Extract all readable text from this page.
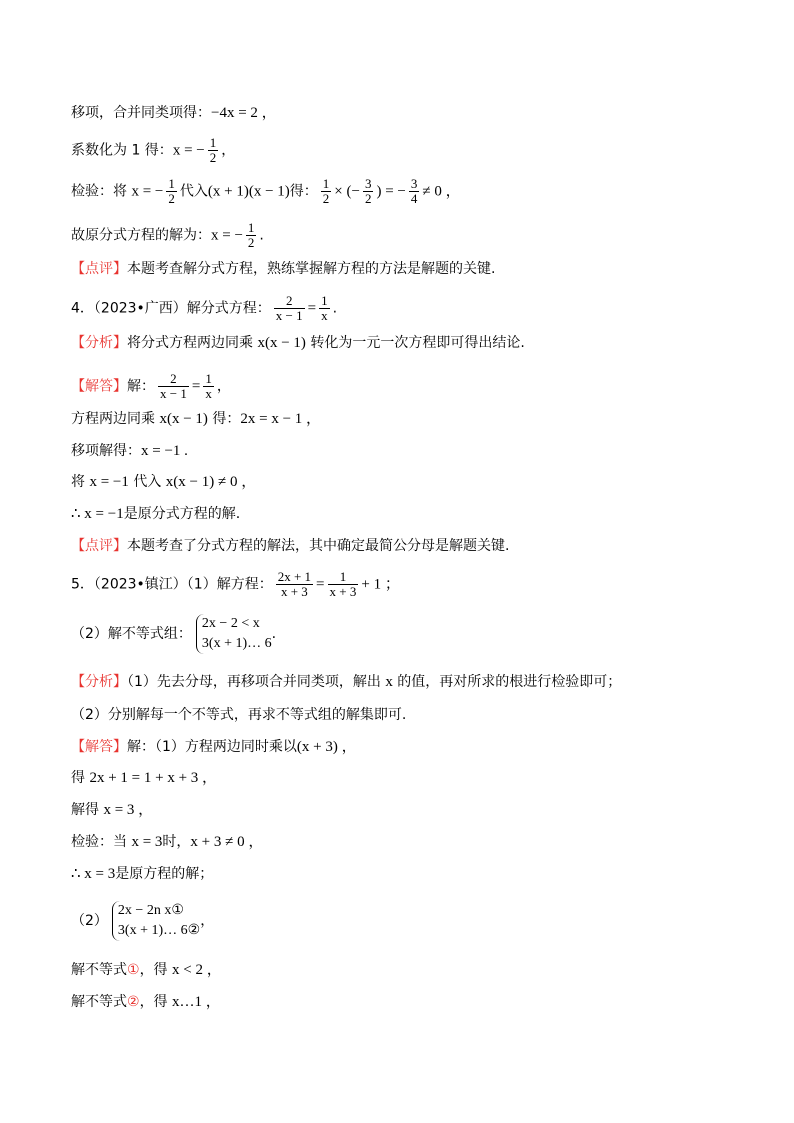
移项，合并同类项得：−4x = 2 ，
系数化为 1 得：x = − $\frac{1}{2}$ ，
检验：将 x = − $\frac{1}{2}$ 代入(x + 1)(x − 1)得： $\frac{1}{2}$ × (− $\frac{3}{2}$ ) = − $\frac{3}{4} \ne 0$ ，
故原分式方程的解为：x = − $\frac{1}{2}$ .
【点评】本题考查解分式方程，熟练掌握解方程的方法是解题的关键.
4．（2023•广西）解分式方程： $\frac{2}{x - 1} = \frac{1}{x}$ .
【分析】将分式方程两边同乘 x(x − 1) 转化为一元一次方程即可得出结论.
【解答】解： $\frac{2}{x - 1} = \frac{1}{x}$ ，
方程两边同乘 x(x − 1) 得：2x = x − 1 ，
移项解得：x = −1 .
将 x = −1 代入 x(x − 1) ≠ 0 ，
∴ x = −1是原分式方程的解.
【点评】本题考查了分式方程的解法，其中确定最简公分母是解题关键.
5．（2023•镇江）（1）解方程： $\frac{2x + 1}{x + 3} = \frac{1}{x + 3} + 1$ ；
（2）解不等式组：
2x − 2 < x
3(x + 1)… 6
.
【分析】（1）先去分母，再移项合并同类项，解出 x 的值，再对所求的根进行检验即可；
（2）分别解每一个不等式，再求不等式组的解集即可.
【解答】解：（1）方程两边同时乘以(x + 3) ，
得 2x + 1 = 1 + x + 3 ，
解得 x = 3 ，
检验：当 x = 3时，x + 3 ≠ 0 ，
∴ x = 3是原方程的解；
（2）
2x − 2n x①
3(x + 1)… 6②
，
解不等式①，得 x < 2 ，
解不等式②，得 x…1 ，
